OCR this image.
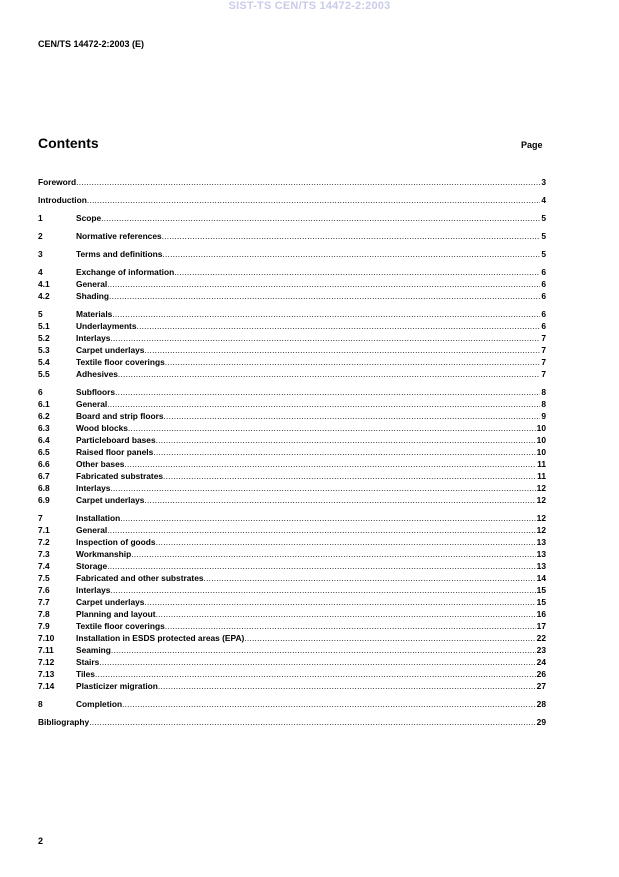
SIST-TS CEN/TS 14472-2:2003
CEN/TS 14472-2:2003 (E)
Contents	Page
Foreword . . .	3
Introduction . . .	4
1	Scope . . .	5
2	Normative references . . .	5
3	Terms and definitions . . .	5
4	Exchange of information . . .	6
4.1	General . . .	6
4.2	Shading . . .	6
5	Materials . . .	6
5.1	Underlayments . . .	6
5.2	Interlays . . .	7
5.3	Carpet underlays . . .	7
5.4	Textile floor coverings . . .	7
5.5	Adhesives . . .	7
6	Subfloors . . .	8
6.1	General . . .	8
6.2	Board and strip floors . . .	9
6.3	Wood blocks . . .	10
6.4	Particleboard bases . . .	10
6.5	Raised floor panels . . .	10
6.6	Other bases . . .	11
6.7	Fabricated substrates . . .	11
6.8	Interlays . . .	12
6.9	Carpet underlays . . .	12
7	Installation . . .	12
7.1	General . . .	12
7.2	Inspection of goods . . .	13
7.3	Workmanship . . .	13
7.4	Storage . . .	13
7.5	Fabricated and other substrates . . .	14
7.6	Interlays . . .	15
7.7	Carpet underlays . . .	15
7.8	Planning and layout . . .	16
7.9	Textile floor coverings . . .	17
7.10	Installation in ESDS protected areas (EPA) . . .	22
7.11	Seaming . . .	23
7.12	Stairs . . .	24
7.13	Tiles . . .	26
7.14	Plasticizer migration . . .	27
8	Completion . . .	28
Bibliography . . .	29
2
